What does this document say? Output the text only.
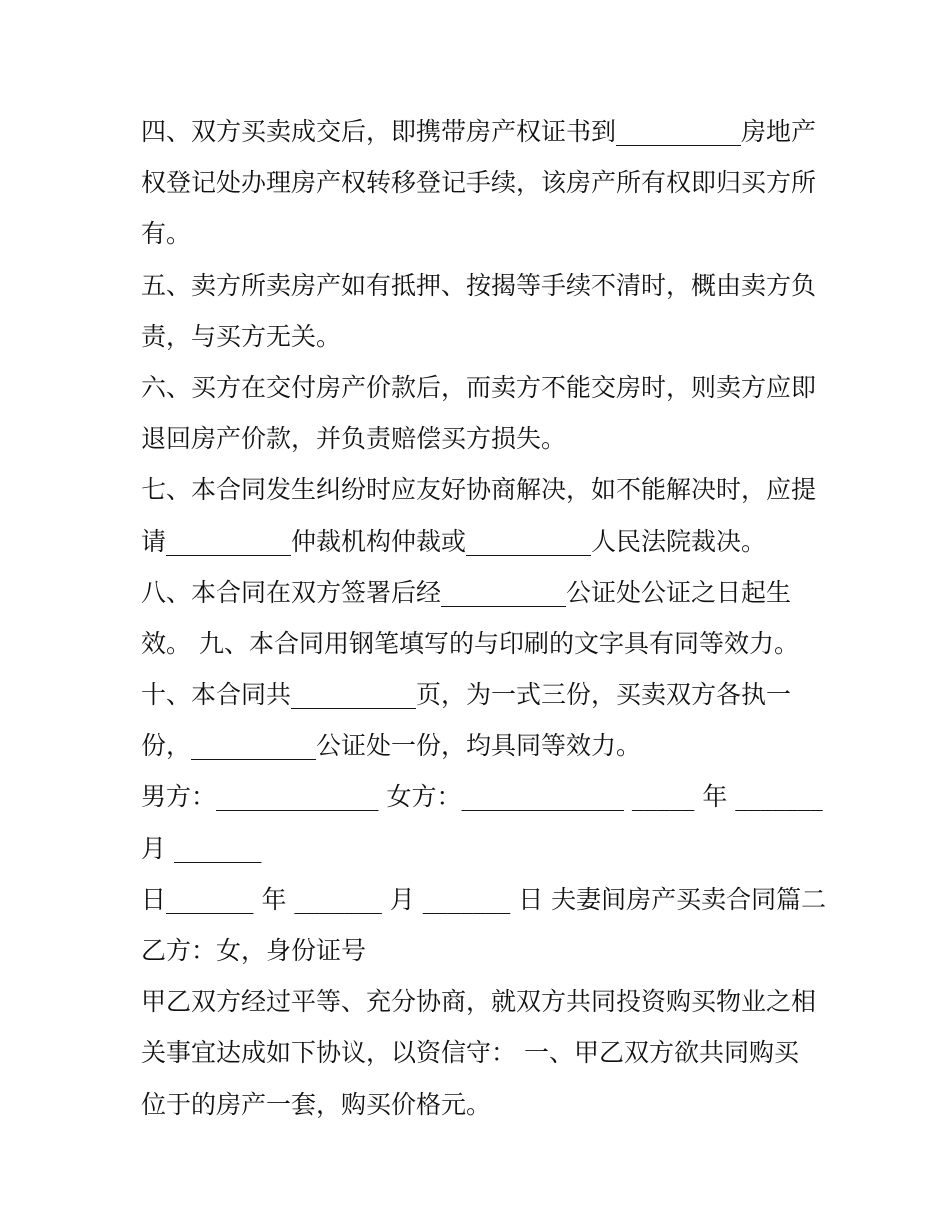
四、双方买卖成交后，即携带房产权证书到__________房地产
权登记处办理房产权转移登记手续，该房产所有权即归买方所
有。
五、卖方所卖房产如有抵押、按揭等手续不清时，概由卖方负
责，与买方无关。
六、买方在交付房产价款后，而卖方不能交房时，则卖方应即
退回房产价款，并负责赔偿买方损失。
七、本合同发生纠纷时应友好协商解决，如不能解决时，应提
请__________仲裁机构仲裁或__________人民法院裁决。
八、本合同在双方签署后经__________公证处公证之日起生
效。 九、本合同用钢笔填写的与印刷的文字具有同等效力。
十、本合同共__________页，为一式三份，买卖双方各执一
份，__________公证处一份，均具同等效力。
男方：_____________ 女方：_____________ _____ 年 _______
月 _______
日_______ 年 _______ 月 _______ 日 夫妻间房产买卖合同篇二
乙方：女，身份证号
甲乙双方经过平等、充分协商，就双方共同投资购买物业之相
关事宜达成如下协议，以资信守： 一、甲乙双方欲共同购买
位于的房产一套，购买价格元。
